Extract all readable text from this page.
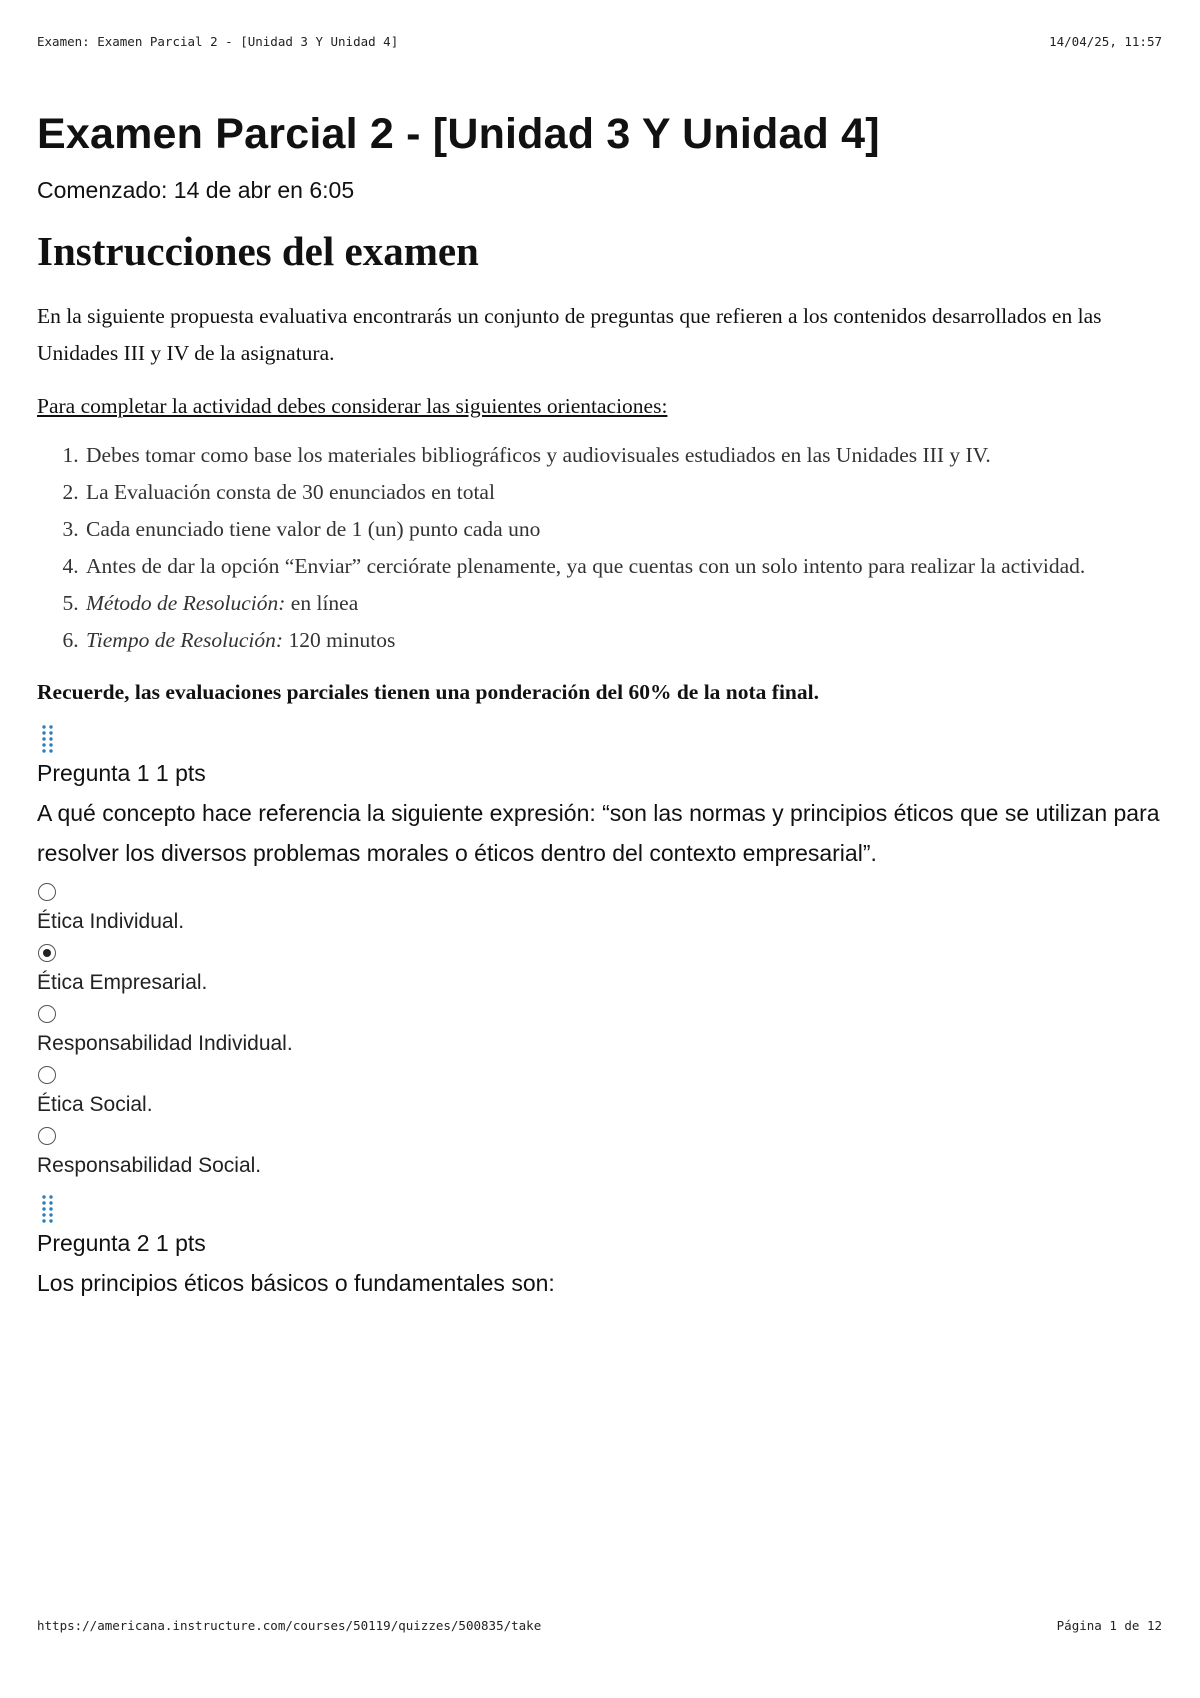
Examen: Examen Parcial 2 - [Unidad 3 Y Unidad 4]	14/04/25, 11:57
Examen Parcial 2 - [Unidad 3 Y Unidad 4]
Comenzado: 14 de abr en 6:05
Instrucciones del examen

En la siguiente propuesta evaluativa encontrarás un conjunto de preguntas que refieren a los contenidos desarrollados en las Unidades III y IV de la asignatura.

Para completar la actividad debes considerar las siguientes orientaciones:

1. Debes tomar como base los materiales bibliográficos y audiovisuales estudiados en las Unidades III y IV.
2. La Evaluación consta de 30 enunciados en total
3. Cada enunciado tiene valor de 1 (un) punto cada uno
4. Antes de dar la opción “Enviar” cerciórate plenamente, ya que cuentas con un solo intento para realizar la actividad.
5. Método de Resolución: en línea
6. Tiempo de Resolución: 120 minutos

Recuerde, las evaluaciones parciales tienen una ponderación del 60% de la nota final.

Pregunta 1 1 pts
A qué concepto hace referencia la siguiente expresión: “son las normas y principios éticos que se utilizan para resolver los diversos problemas morales o éticos dentro del contexto empresarial”.
Ética Individual.
Ética Empresarial.
Responsabilidad Individual.
Ética Social.
Responsabilidad Social.
Pregunta 2 1 pts
Los principios éticos básicos o fundamentales son:
https://americana.instructure.com/courses/50119/quizzes/500835/take	Página 1 de 12
